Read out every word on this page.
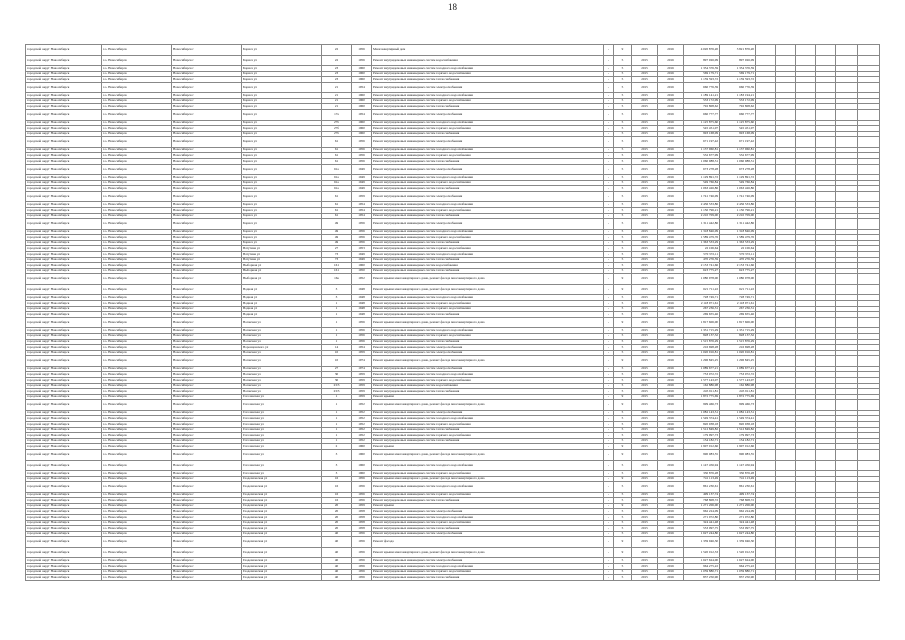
18
городской округ Новосибирск	г.о. Новосибирск	Новосибирск г	Бориса ул	22	1956	Многоквартирный дом	-	9	2015	2016	4 020 876,20	3 821 876,20						
городской округ Новосибирск	г.о. Новосибирск	Новосибирск г	Бориса ул	22	1956	Ремонт внутридомовых инженерных систем водоснабжения	-	5	2015	2016	897 026,09	897 026,09						
городской округ Новосибирск	г.о. Новосибирск	Новосибирск г	Бориса ул	23	1960	Ремонт внутридомовых инженерных систем холодного водоснабжения	-	5	2015	2016	1 354 376,59	1 354 376,59						
городской округ Новосибирск	г.о. Новосибирск	Новосибирск г	Бориса ул	23	1960	Ремонт внутридомовых инженерных систем горячего водоснабжения	-	5	2015	2016	569 179,71	569 179,71						
городской округ Новосибирск	г.о. Новосибирск	Новосибирск г	Бориса ул	23	1960	Ремонт внутридомовых инженерных систем теплоснабжения	-	5	2015	2016	1 159 593,72	1 159 593,72						
городской округ Новосибирск	г.о. Новосибирск	Новосибирск г	Бориса ул	21	1954	Ремонт внутридомовых инженерных систем электроснабжения	-	5	2015	2016	660 776,39	660 776,39						
городской округ Новосибирск	г.о. Новосибирск	Новосибирск г	Бориса ул	21	1960	Ремонт внутридомовых инженерных систем холодного водоснабжения	-	5	2015	2016	1 189 141,21	1 183 194,21						
городской округ Новосибирск	г.о. Новосибирск	Новосибирск г	Бориса ул	21	1960	Ремонт внутридомовых инженерных систем горячего водоснабжения	-	5	2015	2016	533 172,09	533 172,09						
городской округ Новосибирск	г.о. Новосибирск	Новосибирск г	Бориса ул	21	1960	Ремонт внутридомовых инженерных систем теплоснабжения	-	5	2015	2016	792 808,62	792 808,62						
городской округ Новосибирск	г.о. Новосибирск	Новосибирск г	Бориса ул	17а	1954	Ремонт внутридомовых инженерных систем электроснабжения	-	5	2015	2016	660 777,77	660 777,77						
городской округ Новосибирск	г.о. Новосибирск	Новосибирск г	Бориса ул	27б	1960	Ремонт внутридомовых инженерных систем холодного водоснабжения	-	5	2015	2016	1 125 875,60	1 125 875,60						
городской округ Новосибирск	г.о. Новосибирск	Новосибирск г	Бориса ул	27б	1960	Ремонт внутридомовых инженерных систем горячего водоснабжения	-	5	2015	2016	545 451,07	545 451,07						
городской округ Новосибирск	г.о. Новосибирск	Новосибирск г	Бориса ул	27б	1960	Ремонт внутридомовых инженерных систем теплоснабжения	-	5	2015	2016	993 168,09	993 168,09						
городской округ Новосибирск	г.о. Новосибирск	Новосибирск г	Бориса ул	61	1956	Ремонт внутридомовых инженерных систем электроснабжения	-	5	2015	2016	671 197,42	671 197,42						
городской округ Новосибирск	г.о. Новосибирск	Новосибирск г	Бориса ул	61	1956	Ремонт внутридомовых инженерных систем холодного водоснабжения	-	5	2015	2016	1 137 960,81	1 137 960,81						
городской округ Новосибирск	г.о. Новосибирск	Новосибирск г	Бориса ул	61	1956	Ремонт внутридомовых инженерных систем горячего водоснабжения	-	5	2015	2016	532 677,99	532 677,99						
городской округ Новосибирск	г.о. Новосибирск	Новосибирск г	Бориса ул	61	1956	Ремонт внутридомовых инженерных систем теплоснабжения	-	5	2015	2016	1 060 988,31	1 060 988,31						
городской округ Новосибирск	г.о. Новосибирск	Новосибирск г	Бориса ул	61а	1949	Ремонт внутридомовых инженерных систем электроснабжения	-	5	2015	2016	673 278,28	673 278,28						
городской округ Новосибирск	г.о. Новосибирск	Новосибирск г	Бориса ул	61а	1949	Ремонт внутридомовых инженерных систем холодного водоснабжения	-	5	2015	2016	1 129 891,72	1 129 891,72						
городской округ Новосибирск	г.о. Новосибирск	Новосибирск г	Бориса ул	61а	1949	Ремонт внутридомовых инженерных систем горячего водоснабжения	-	5	2015	2016	549 766,84	549 766,84						
городской округ Новосибирск	г.о. Новосибирск	Новосибирск г	Бориса ул	61а	1949	Ремонт внутридомовых инженерных систем теплоснабжения	-	5	2015	2016	1 063 426,86	1 063 426,86						
городской округ Новосибирск	г.о. Новосибирск	Новосибирск г	Бориса ул	61	1959	Ремонт внутридомовых инженерных систем электроснабжения	-	5	2015	2016	1 741 746,09	1 741 746,09						
городской округ Новосибирск	г.о. Новосибирск	Новосибирск г	Бориса ул	61	1954	Ремонт внутридомовых инженерных систем холодного водоснабжения	-	5	2015	2016	2 436 533,86	2 436 533,86						
городской округ Новосибирск	г.о. Новосибирск	Новосибирск г	Бориса ул	61	1954	Ремонт внутридомовых инженерных систем горячего водоснабжения	-	5	2015	2016	1 150 796,21	1 150 796,21						
городской округ Новосибирск	г.о. Новосибирск	Новосибирск г	Бориса ул	61	1954	Ремонт внутридомовых инженерных систем теплоснабжения	-	5	2015	2016	2 210 709,00	2 210 709,00						
городской округ Новосибирск	г.о. Новосибирск	Новосибирск г	Бориса ул	49	1956	Ремонт внутридомовых инженерных систем электроснабжения	-	5	2015	2016	1 311 442,86	1 311 442,86						
городской округ Новосибирск	г.о. Новосибирск	Новосибирск г	Бориса ул	49	1956	Ремонт внутридомовых инженерных систем холодного водоснабжения	-	5	2015	2016	1 318 846,09	1 318 846,09						
городской округ Новосибирск	г.о. Новосибирск	Новосибирск г	Бориса ул	49	1956	Ремонт внутридомовых инженерных систем горячего водоснабжения	-	5	2015	2016	1 589 479,76	1 589 479,76						
городской округ Новосибирск	г.о. Новосибирск	Новосибирск г	Бориса ул	49	1956	Ремонт внутридомовых инженерных систем теплоснабжения	-	5	2015	2016	1 363 533,29	1 363 533,29						
городской округ Новосибирск	г.о. Новосибирск	Новосибирск г	Ватутина ул	27	1953	Ремонт внутридомовых инженерных систем горячего водоснабжения	-	5	2015	2016	22 106,64	22 106,64						
городской округ Новосибирск	г.о. Новосибирск	Новосибирск г	Ватутина ул	73	1949	Ремонт внутридомовых инженерных систем холодного водоснабжения	-	5	2015	2016	570 372,11	570 372,11						
городской округ Новосибирск	г.о. Новосибирск	Новосибирск г	Ватутина ул	73	1949	Ремонт внутридомовых инженерных систем теплоснабжения	-	5	2015	2016	470 276,59	470 276,59						
городской округ Новосибирск	г.о. Новосибирск	Новосибирск г	Выборная ул	161	1960	Ремонт внутридомовых инженерных систем водоснабжения	-	5	2015	2016	2 153 741,66	2 153 741,66						
городской округ Новосибирск	г.о. Новосибирск	Новосибирск г	Выборная ул	161	1950	Ремонт внутридомовых инженерных систем теплоснабжения	-	5	2015	2016	623 775,27	623 775,27						
городской округ Новосибирск	г.о. Новосибирск	Новосибирск г	Выборная ул	16а	1952	Ремонт крыши многоквартирного дома, ремонт фасада многоквартирного дома	-	9	2015	2016	1 080 978,00	1 080 978,00						
городской округ Новосибирск	г.о. Новосибирск	Новосибирск г	Водная ул	3	1948	Ремонт крыши многоквартирного дома, ремонт фасада многоквартирного дома	-	9	2015	2016	621 711,22	621 711,22						
городской округ Новосибирск	г.о. Новосибирск	Новосибирск г	Водная ул	3	1948	Ремонт внутридомовых инженерных систем холодного водоснабжения	-	5	2015	2016	728 749,71	728 749,71						
городской округ Новосибирск	г.о. Новосибирск	Новосибирск г	Водная ул	1	1948	Ремонт внутридомовых инженерных систем горячего водоснабжения	-	5	2015	2016	2 118 971,61	2 118 971,61						
городской округ Новосибирск	г.о. Новосибирск	Новосибирск г	Водная ул	1	1948	Ремонт внутридомовых инженерных систем горячего водоснабжения	-	5	2015	2016	267 236,31	267 236,31						
городской округ Новосибирск	г.о. Новосибирск	Новосибирск г	Водная ул	1	1948	Ремонт внутридомовых инженерных систем теплоснабжения	-	5	2015	2016	269 655,46	269 655,46						
городской округ Новосибирск	г.о. Новосибирск	Новосибирск г	Волжская ул	1	1956	Ремонт крыши многоквартирного дома, ремонт фасада многоквартирного дома	-	9	2015	2016	1 817 606,00	1 817 606,00						
городской округ Новосибирск	г.о. Новосибирск	Новосибирск г	Волжская ул	1	1956	Ремонт внутридомовых инженерных систем холодного водоснабжения	-	5	2015	2016	1 331 715,29	1 331 715,29						
городской округ Новосибирск	г.о. Новосибирск	Новосибирск г	Волжская ул	1	1956	Ремонт внутридомовых инженерных систем горячего водоснабжения	-	5	2015	2016	828 137,32	828 137,32						
городской округ Новосибирск	г.о. Новосибирск	Новосибирск г	Волжская ул	1	1956	Ремонт внутридомовых инженерных систем теплоснабжения	-	5	2015	2016	1 515 876,29	1 515 876,29						
городской округ Новосибирск	г.о. Новосибирск	Новосибирск г	Воронцовского ул	14	1954	Ремонт внутридомовых инженерных систем электроснабжения	-	5	2015	2016	216 698,28	216 698,28						
городской округ Новосибирск	г.о. Новосибирск	Новосибирск г	Волжская ул	10	1959	Ремонт внутридомовых инженерных систем электроснабжения	-	5	2015	2016	1 020 916,81	1 020 916,81						
городской округ Новосибирск	г.о. Новосибирск	Новосибирск г	Волжская ул	10	1974	Ремонт крыши многоквартирного дома, ремонт фасада многоквартирного дома	-	9	2015	2016	1 296 845,25	1 296 845,25						
городской округ Новосибирск	г.о. Новосибирск	Новосибирск г	Волжская ул	27	1974	Ремонт внутридомовых инженерных систем электроснабжения	-	5	2015	2016	1 089 677,21	1 089 677,21						
городской округ Новосибирск	г.о. Новосибирск	Новосибирск г	Волжская ул	30	1959	Ремонт внутридомовых инженерных систем холодного водоснабжения	-	5	2015	2016	753 072,72	753 072,72						
городской округ Новосибирск	г.о. Новосибирск	Новосибирск г	Волжская ул	30	1959	Ремонт внутридомовых инженерных систем горячего водоснабжения	-	5	2015	2016	1 577 143,07	1 577 143,07						
городской округ Новосибирск	г.о. Новосибирск	Новосибирск г	Волжская ул	23/3	1959	Ремонт внутридомовых инженерных систем водоснабжения	-	5	2015	2016	162 886,98	162 886,98						
городской округ Новосибирск	г.о. Новосибирск	Новосибирск г	Волжская ул	23/3	1959	Ремонт внутридомовых инженерных систем теплоснабжения	-	5	2015	2016	245 911,81	245 911,81						
городской округ Новосибирск	г.о. Новосибирск	Новосибирск г	Гоголевская ул	1	1959	Ремонт крыши	-	9	2015	2016	1 872 775,69	1 872 775,69						
городской округ Новосибирск	г.о. Новосибирск	Новосибирск г	Гоголевская ул	1	1952	Ремонт крыши многоквартирного дома, ремонт фасада многоквартирного дома	-	9	2015	2016	999 466,73	999 466,73						
городской округ Новосибирск	г.о. Новосибирск	Новосибирск г	Гоголевская ул	1	1952	Ремонт внутридомовых инженерных систем электроснабжения	-	5	2015	2016	1 082 143,51	1 082 143,51						
городской округ Новосибирск	г.о. Новосибирск	Новосибирск г	Гоголевская ул	1	1952	Ремонт внутридомовых инженерных систем холодного водоснабжения	-	5	2015	2016	1 549 374,41	1 549 374,41						
городской округ Новосибирск	г.о. Новосибирск	Новосибирск г	Гоголевская ул	1	1952	Ремонт внутридомовых инженерных систем горячего водоснабжения	-	5	2015	2016	820 938,18	820 938,18						
городской округ Новосибирск	г.о. Новосибирск	Новосибирск г	Гоголевская ул	1	1952	Ремонт внутридомовых инженерных систем теплоснабжения	-	5	2015	2016	1 512 849,82	1 512 849,82						
городской округ Новосибирск	г.о. Новосибирск	Новосибирск г	Гоголевская ул	1	1952	Ремонт внутридомовых инженерных систем горячего водоснабжения	-	5	2015	2016	179 997,73	179 997,73						
городской округ Новосибирск	г.о. Новосибирск	Новосибирск г	Гоголевская ул	1	1952	Ремонт внутридомовых инженерных систем теплоснабжения	-	5	2015	2016	154 182,71	154 182,71						
городской округ Новосибирск	г.о. Новосибирск	Новосибирск г	Гоголевская ул	2	1960	Ремонт крыши	-	9	2015	2016	1 907 012,66	1 907 012,66						
городской округ Новосибирск	г.о. Новосибирск	Новосибирск г	Гоголевская ул	3	1960	Ремонт крыши многоквартирного дома, ремонт фасада многоквартирного дома	-	9	2015	2016	990 083,55	990 083,55						
городской округ Новосибирск	г.о. Новосибирск	Новосибирск г	Гоголевская ул	3	1960	Ремонт внутридомовых инженерных систем холодного водоснабжения	-	5	2015	2016	1 147 456,94	1 147 456,94						
городской округ Новосибирск	г.о. Новосибирск	Новосибирск г	Гоголевская ул	3	1960	Ремонт внутридомовых инженерных систем горячего водоснабжения	-	5	2015	2016	330 876,28	330 876,28						
городской округ Новосибирск	г.о. Новосибирск	Новосибирск г	Геодезическая ул	16	1956	Ремонт крыши многоквартирного дома, ремонт фасада многоквартирного дома	-	9	2015	2016	741 113,49	741 113,49						
городской округ Новосибирск	г.о. Новосибирск	Новосибирск г	Геодезическая ул	16	1956	Ремонт внутридомовых инженерных систем холодного водоснабжения	-	5	2015	2016	861 230,61	861 230,61						
городской округ Новосибирск	г.о. Новосибирск	Новосибирск г	Геодезическая ул	16	1956	Ремонт внутридомовых инженерных систем горячего водоснабжения	-	5	2015	2016	499 137,74	499 137,74						
городской округ Новосибирск	г.о. Новосибирск	Новосибирск г	Геодезическая ул	16	1956	Ремонт внутридомовых инженерных систем теплоснабжения	-	5	2015	2016	768 808,72	768 808,72						
городской округ Новосибирск	г.о. Новосибирск	Новосибирск г	Геодезическая ул	20	1959	Ремонт крыши	-	9	2015	2016	1 271 206,00	1 271 206,00						
городской округ Новосибирск	г.о. Новосибирск	Новосибирск г	Геодезическая ул	20	1958	Ремонт внутридомовых инженерных систем электроснабжения	-	5	2015	2016	962 224,09	962 224,09						
городской округ Новосибирск	г.о. Новосибирск	Новосибирск г	Геодезическая ул	20	1958	Ремонт внутридомовых инженерных систем холодного водоснабжения	-	5	2015	2016	271 072,80	271 072,80						
городской округ Новосибирск	г.о. Новосибирск	Новосибирск г	Геодезическая ул	20	1958	Ремонт внутридомовых инженерных систем горячего водоснабжения	-	5	2015	2016	324 441,48	324 441,48						
городской округ Новосибирск	г.о. Новосибирск	Новосибирск г	Геодезическая ул	20	1958	Ремонт внутридомовых инженерных систем теплоснабжения	-	5	2015	2016	553 097,75	553 097,75						
городской округ Новосибирск	г.о. Новосибирск	Новосибирск г	Геодезическая ул	40	1956	Ремонт внутридомовых инженерных систем электроснабжения	-	5	2015	2016	1 627 244,80	1 627 244,80						
городской округ Новосибирск	г.о. Новосибирск	Новосибирск г	Геодезическая ул	40	1956	Ремонт фасада	-	9	2015	2016	1 339 946,30	1 339 946,30						
городской округ Новосибирск	г.о. Новосибирск	Новосибирск г	Геодезическая ул	40	1956	Ремонт крыши многоквартирного дома, ремонт фасада многоквартирного дома	-	9	2015	2016	1 520 012,33	1 520 012,33						
городской округ Новосибирск	г.о. Новосибирск	Новосибирск г	Геодезическая ул	40	1956	Ремонт внутридомовых инженерных систем электроснабжения	-	5	2015	2016	1 627 624,00	1 627 624,00						
городской округ Новосибирск	г.о. Новосибирск	Новосибирск г	Геодезическая ул	40	1956	Ремонт внутридомовых инженерных систем холодного водоснабжения	-	5	2015	2016	964 275,22	964 275,22						
городской округ Новосибирск	г.о. Новосибирск	Новосибирск г	Геодезическая ул	40	1956	Ремонт внутридомовых инженерных систем горячего водоснабжения	-	5	2015	2016	1 059 880,71	1 059 880,71						
городской округ Новосибирск	г.о. Новосибирск	Новосибирск г	Геодезическая ул	40	1956	Ремонт внутридомовых инженерных систем теплоснабжения	-	5	2015	2016	837 250,90	837 250,90						
